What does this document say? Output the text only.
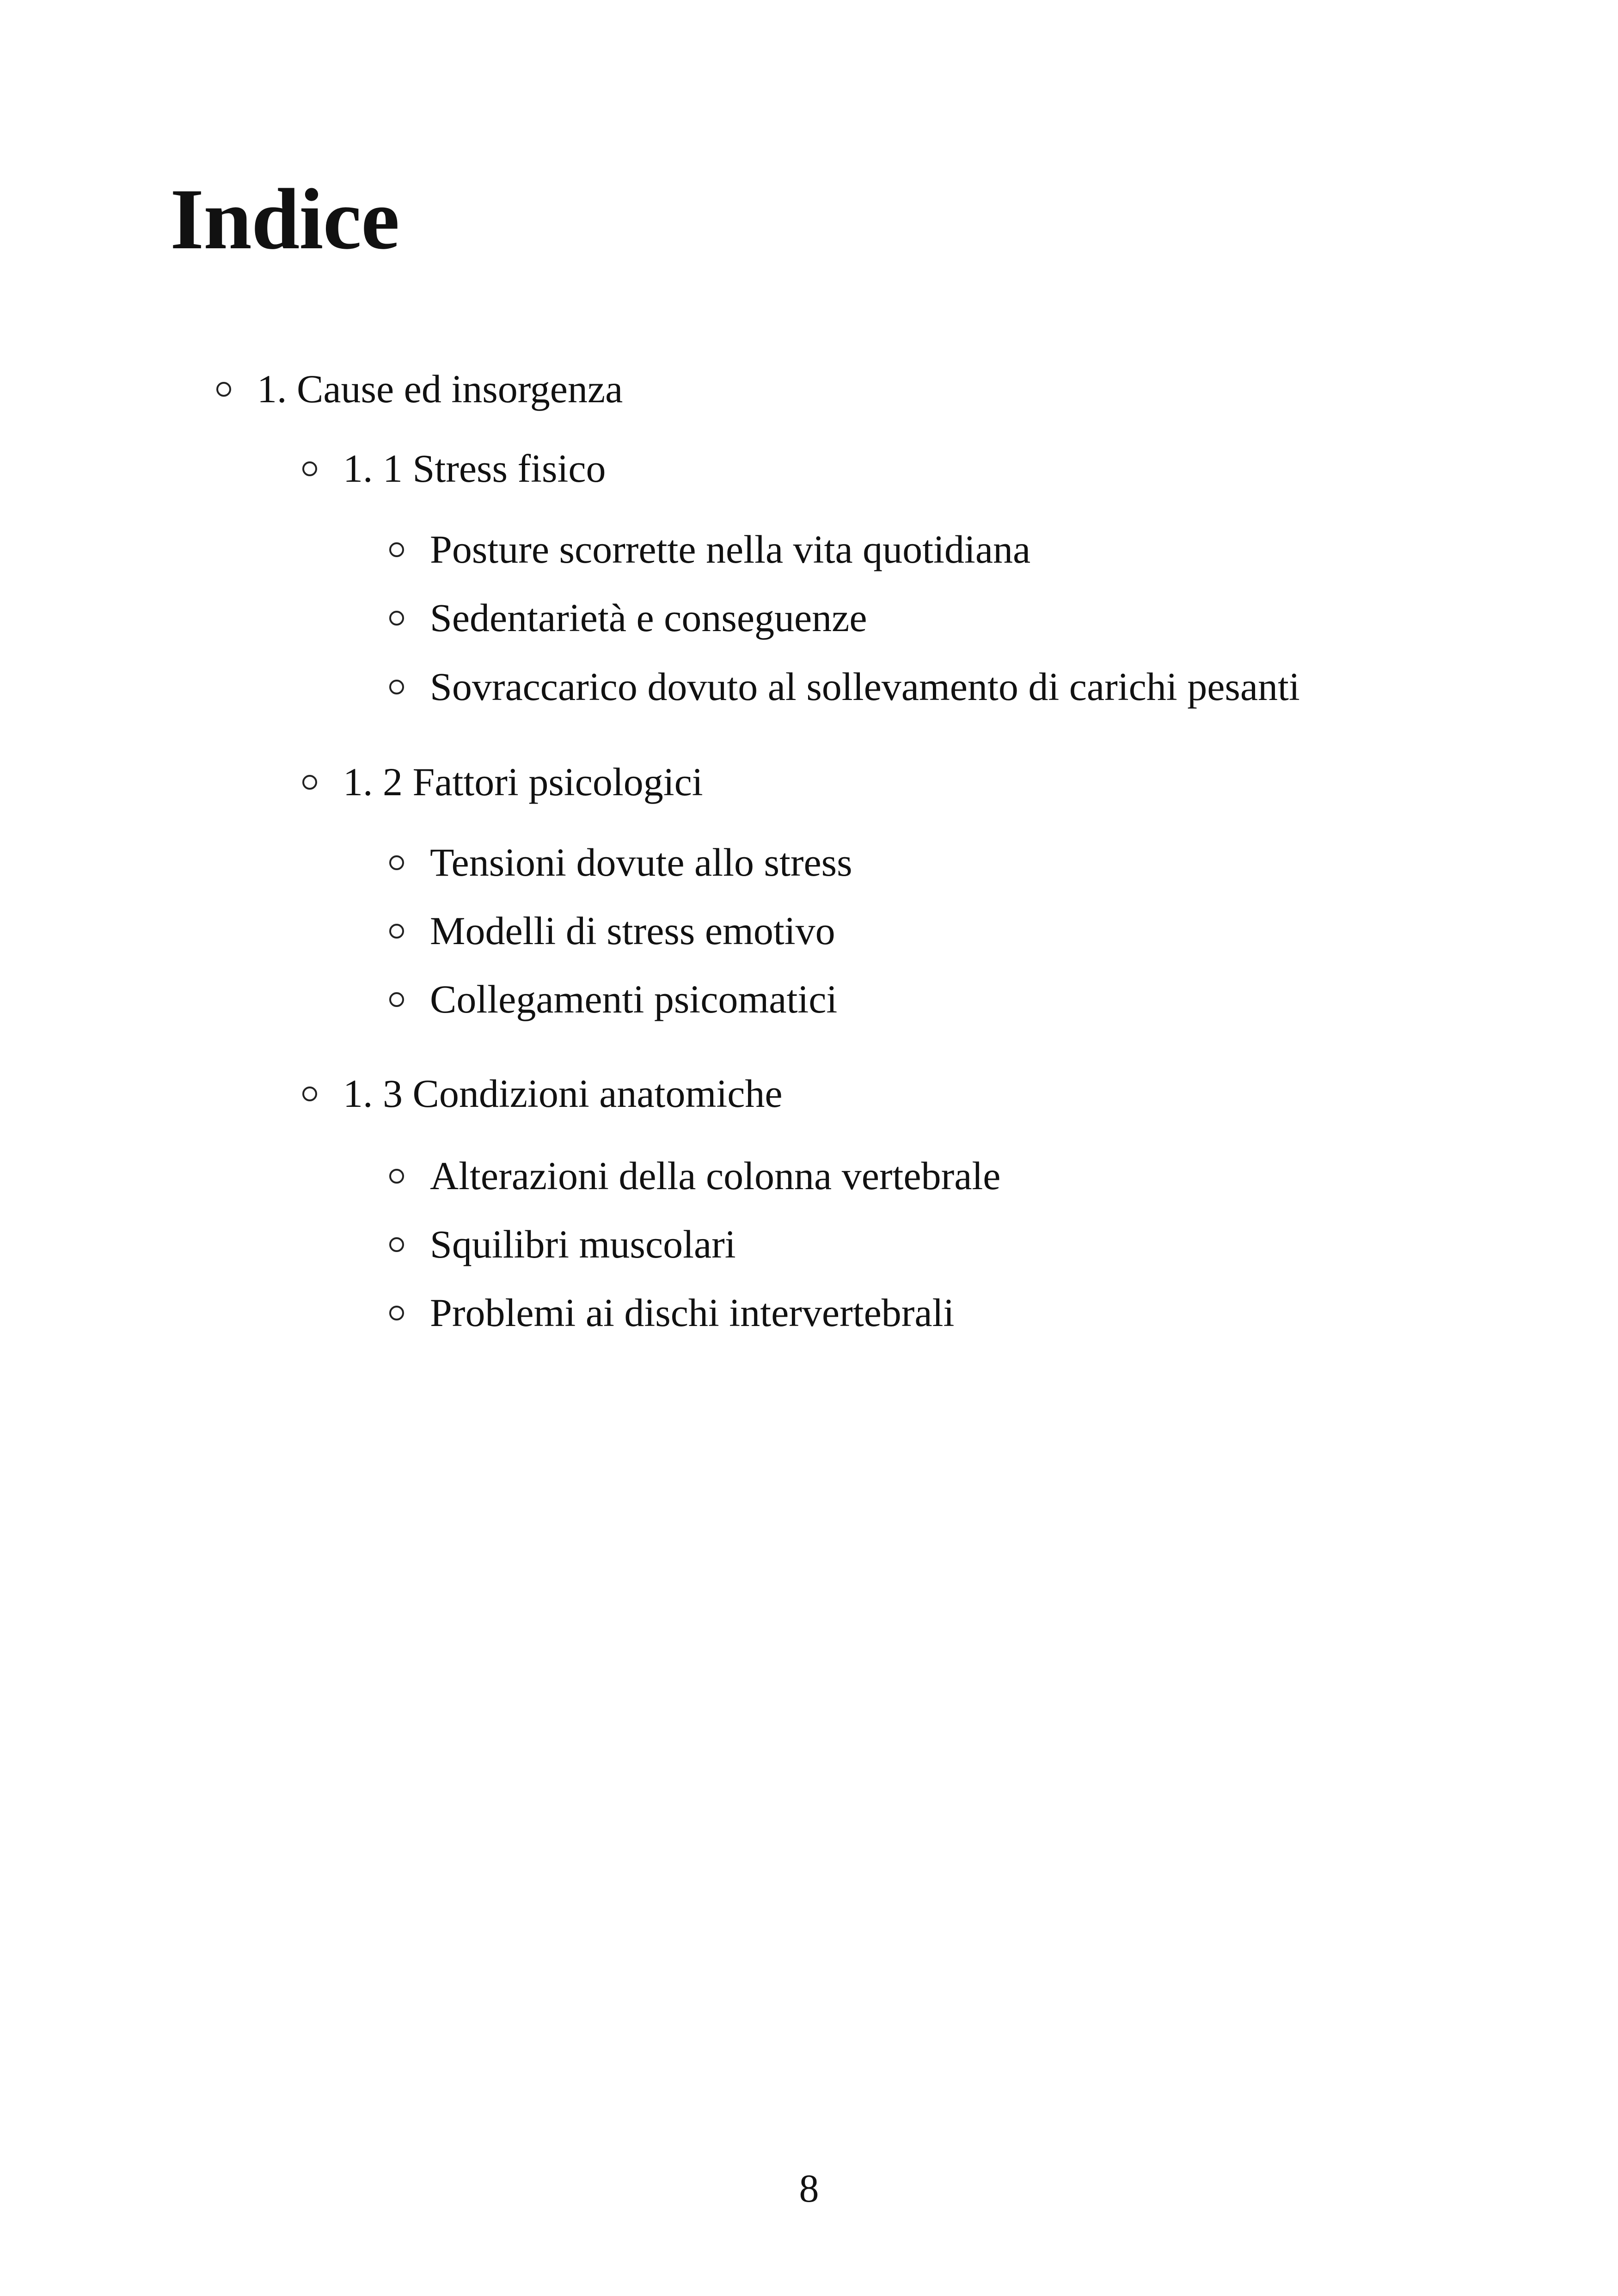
Indice
1. Cause ed insorgenza
1. 1 Stress fisico
Posture scorrette nella vita quotidiana
Sedentarietà e conseguenze
Sovraccarico dovuto al sollevamento di carichi pesanti
1. 2 Fattori psicologici
Tensioni dovute allo stress
Modelli di stress emotivo
Collegamenti psicomatici
1. 3 Condizioni anatomiche
Alterazioni della colonna vertebrale
Squilibri muscolari
Problemi ai dischi intervertebrali
8
